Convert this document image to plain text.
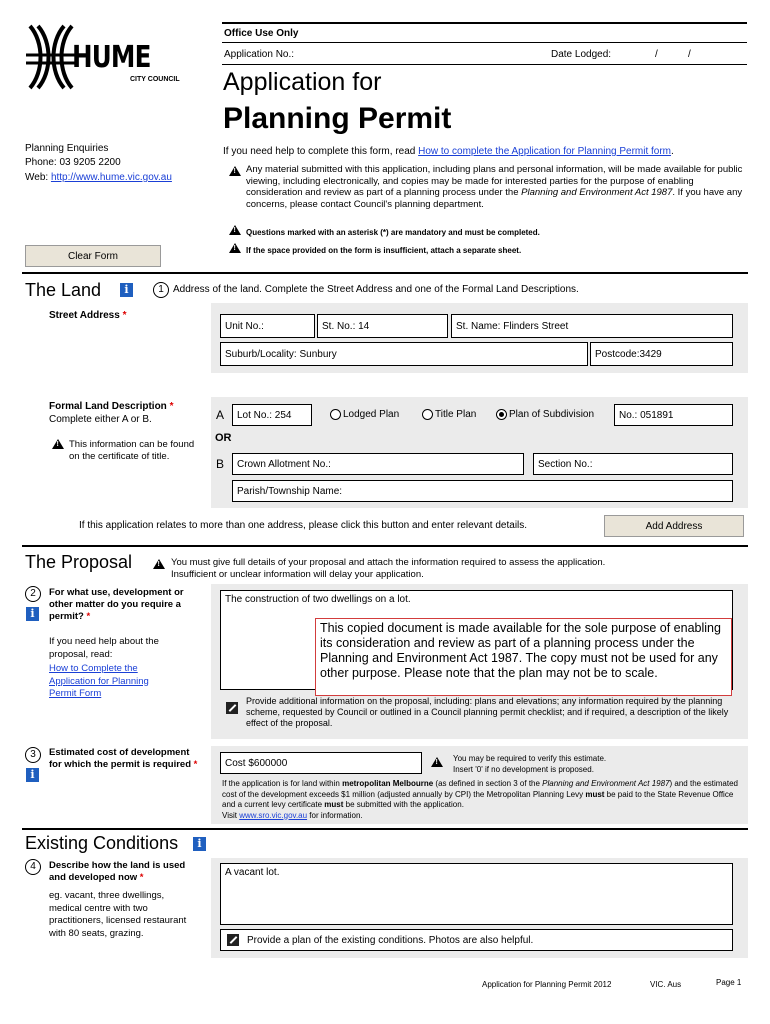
HUME
CITY COUNCIL
Planning Enquiries
Phone: 03 9205 2200
Web: http://www.hume.vic.gov.au
Clear Form
Office Use Only
Application No.:	Date Lodged:	/	/
Application for
Planning Permit
If you need help to complete this form, read How to complete the Application for Planning Permit form.
!
Any material submitted with this application, including plans and personal information, will be made available for public viewing, including electronically, and copies may be made for interested parties for the purpose of enabling consideration and review as part of a planning process under the Planning and Environment Act 1987. If you have any concerns, please contact Council's planning department.
!
Questions marked with an asterisk (*) are mandatory and must be completed.
!
If the space provided on the form is insufficient, attach a separate sheet.
The Land	i	1 Address of the land. Complete the Street Address and one of the Formal Land Descriptions.
Street Address *
Unit No.:	St. No.: 14	St. Name: Flinders Street
Suburb/Locality: Sunbury	Postcode:3429
Formal Land Description *
Complete either A or B.
!
This information can be found on the certificate of title.
A	Lot No.: 254	Lodged Plan	Title Plan	Plan of Subdivision	No.: 051891
OR
B	Crown Allotment No.:	Section No.:
Parish/Township Name:
If this application relates to more than one address, please click this button and enter relevant details.	Add Address
The Proposal !	You must give full details of your proposal and attach the information required to assess the application.
Insufficient or unclear information will delay your application.
2
i
For what use, development or other matter do you require a permit? *
If you need help about the proposal, read:
How to Complete the Application for Planning Permit Form
The construction of two dwellings on a lot.
This copied document is made available for the sole purpose of enabling its consideration and review as part of a planning process under the Planning and Environment Act 1987. The copy must not be used for any other purpose. Please note that the plan may not be to scale.
Provide additional information on the proposal, including: plans and elevations; any information required by the planning scheme, requested by Council or outlined in a Council planning permit checklist; and if required, a description of the likely effect of the proposal.
3
i
Estimated cost of development for which the permit is required *	Cost $600000 !	You may be required to verify this estimate.
Insert '0' if no development is proposed.
If the application is for land within metropolitan Melbourne (as defined in section 3 of the Planning and Environment Act 1987) and the estimated cost of the development exceeds $1 million (adjusted annually by CPI) the Metropolitan Planning Levy must be paid to the State Revenue Office and a current levy certificate must be submitted with the application.
Visit www.sro.vic.gov.au for information.
Existing Conditions	i
4	Describe how the land is used and developed now *
eg. vacant, three dwellings, medical centre with two practitioners, licensed restaurant with 80 seats, grazing.
A vacant lot.
Provide a plan of the existing conditions. Photos are also helpful.
Application for Planning Permit 2012	VIC. Aus	Page 1
